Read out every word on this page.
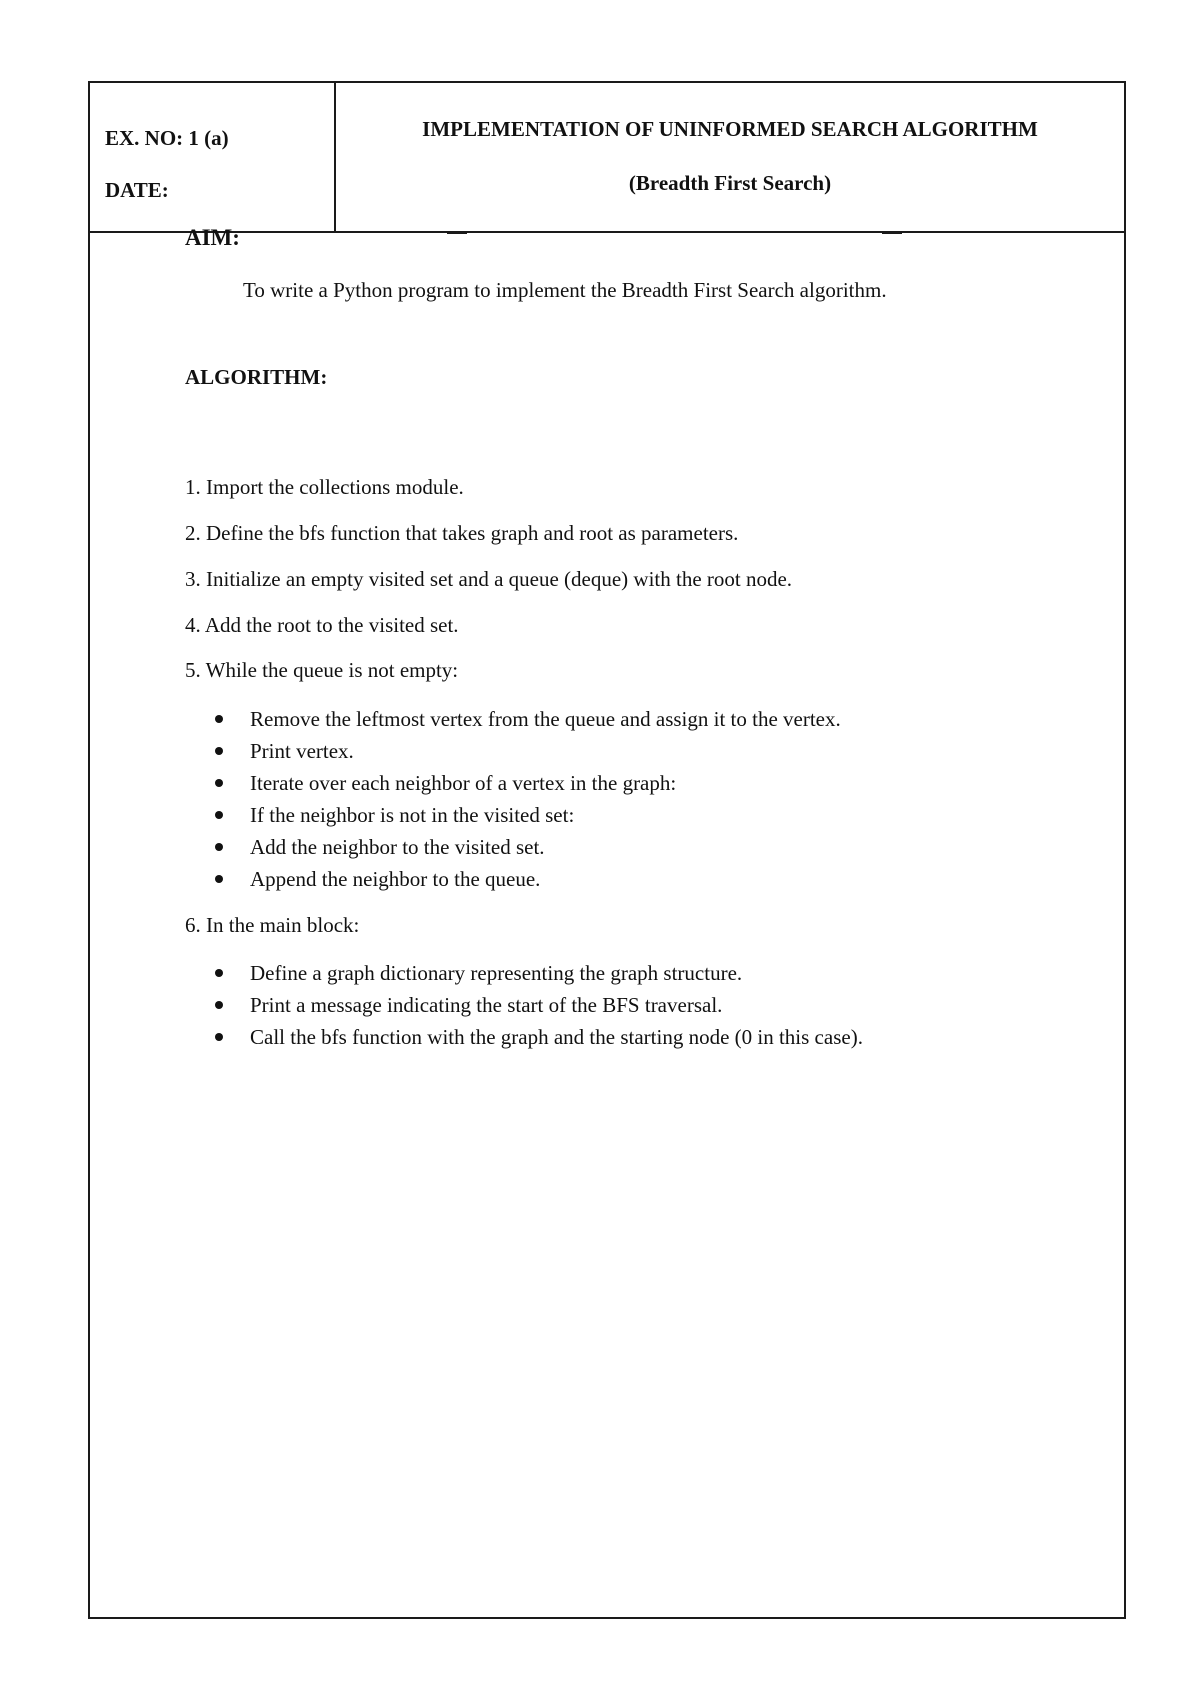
EX. NO: 1 (a)
DATE:
IMPLEMENTATION OF UNINFORMED SEARCH ALGORITHM
(Breadth First Search)
AIM:
To write a Python program to implement the Breadth First Search algorithm.
ALGORITHM:
1. Import the collections module.
2. Define the bfs function that takes graph and root as parameters.
3. Initialize an empty visited set and a queue (deque) with the root node.
4. Add the root to the visited set.
5. While the queue is not empty:
Remove the leftmost vertex from the queue and assign it to the vertex.
Print vertex.
Iterate over each neighbor of a vertex in the graph:
If the neighbor is not in the visited set:
Add the neighbor to the visited set.
Append the neighbor to the queue.
6. In the main block:
Define a graph dictionary representing the graph structure.
Print a message indicating the start of the BFS traversal.
Call the bfs function with the graph and the starting node (0 in this case).
